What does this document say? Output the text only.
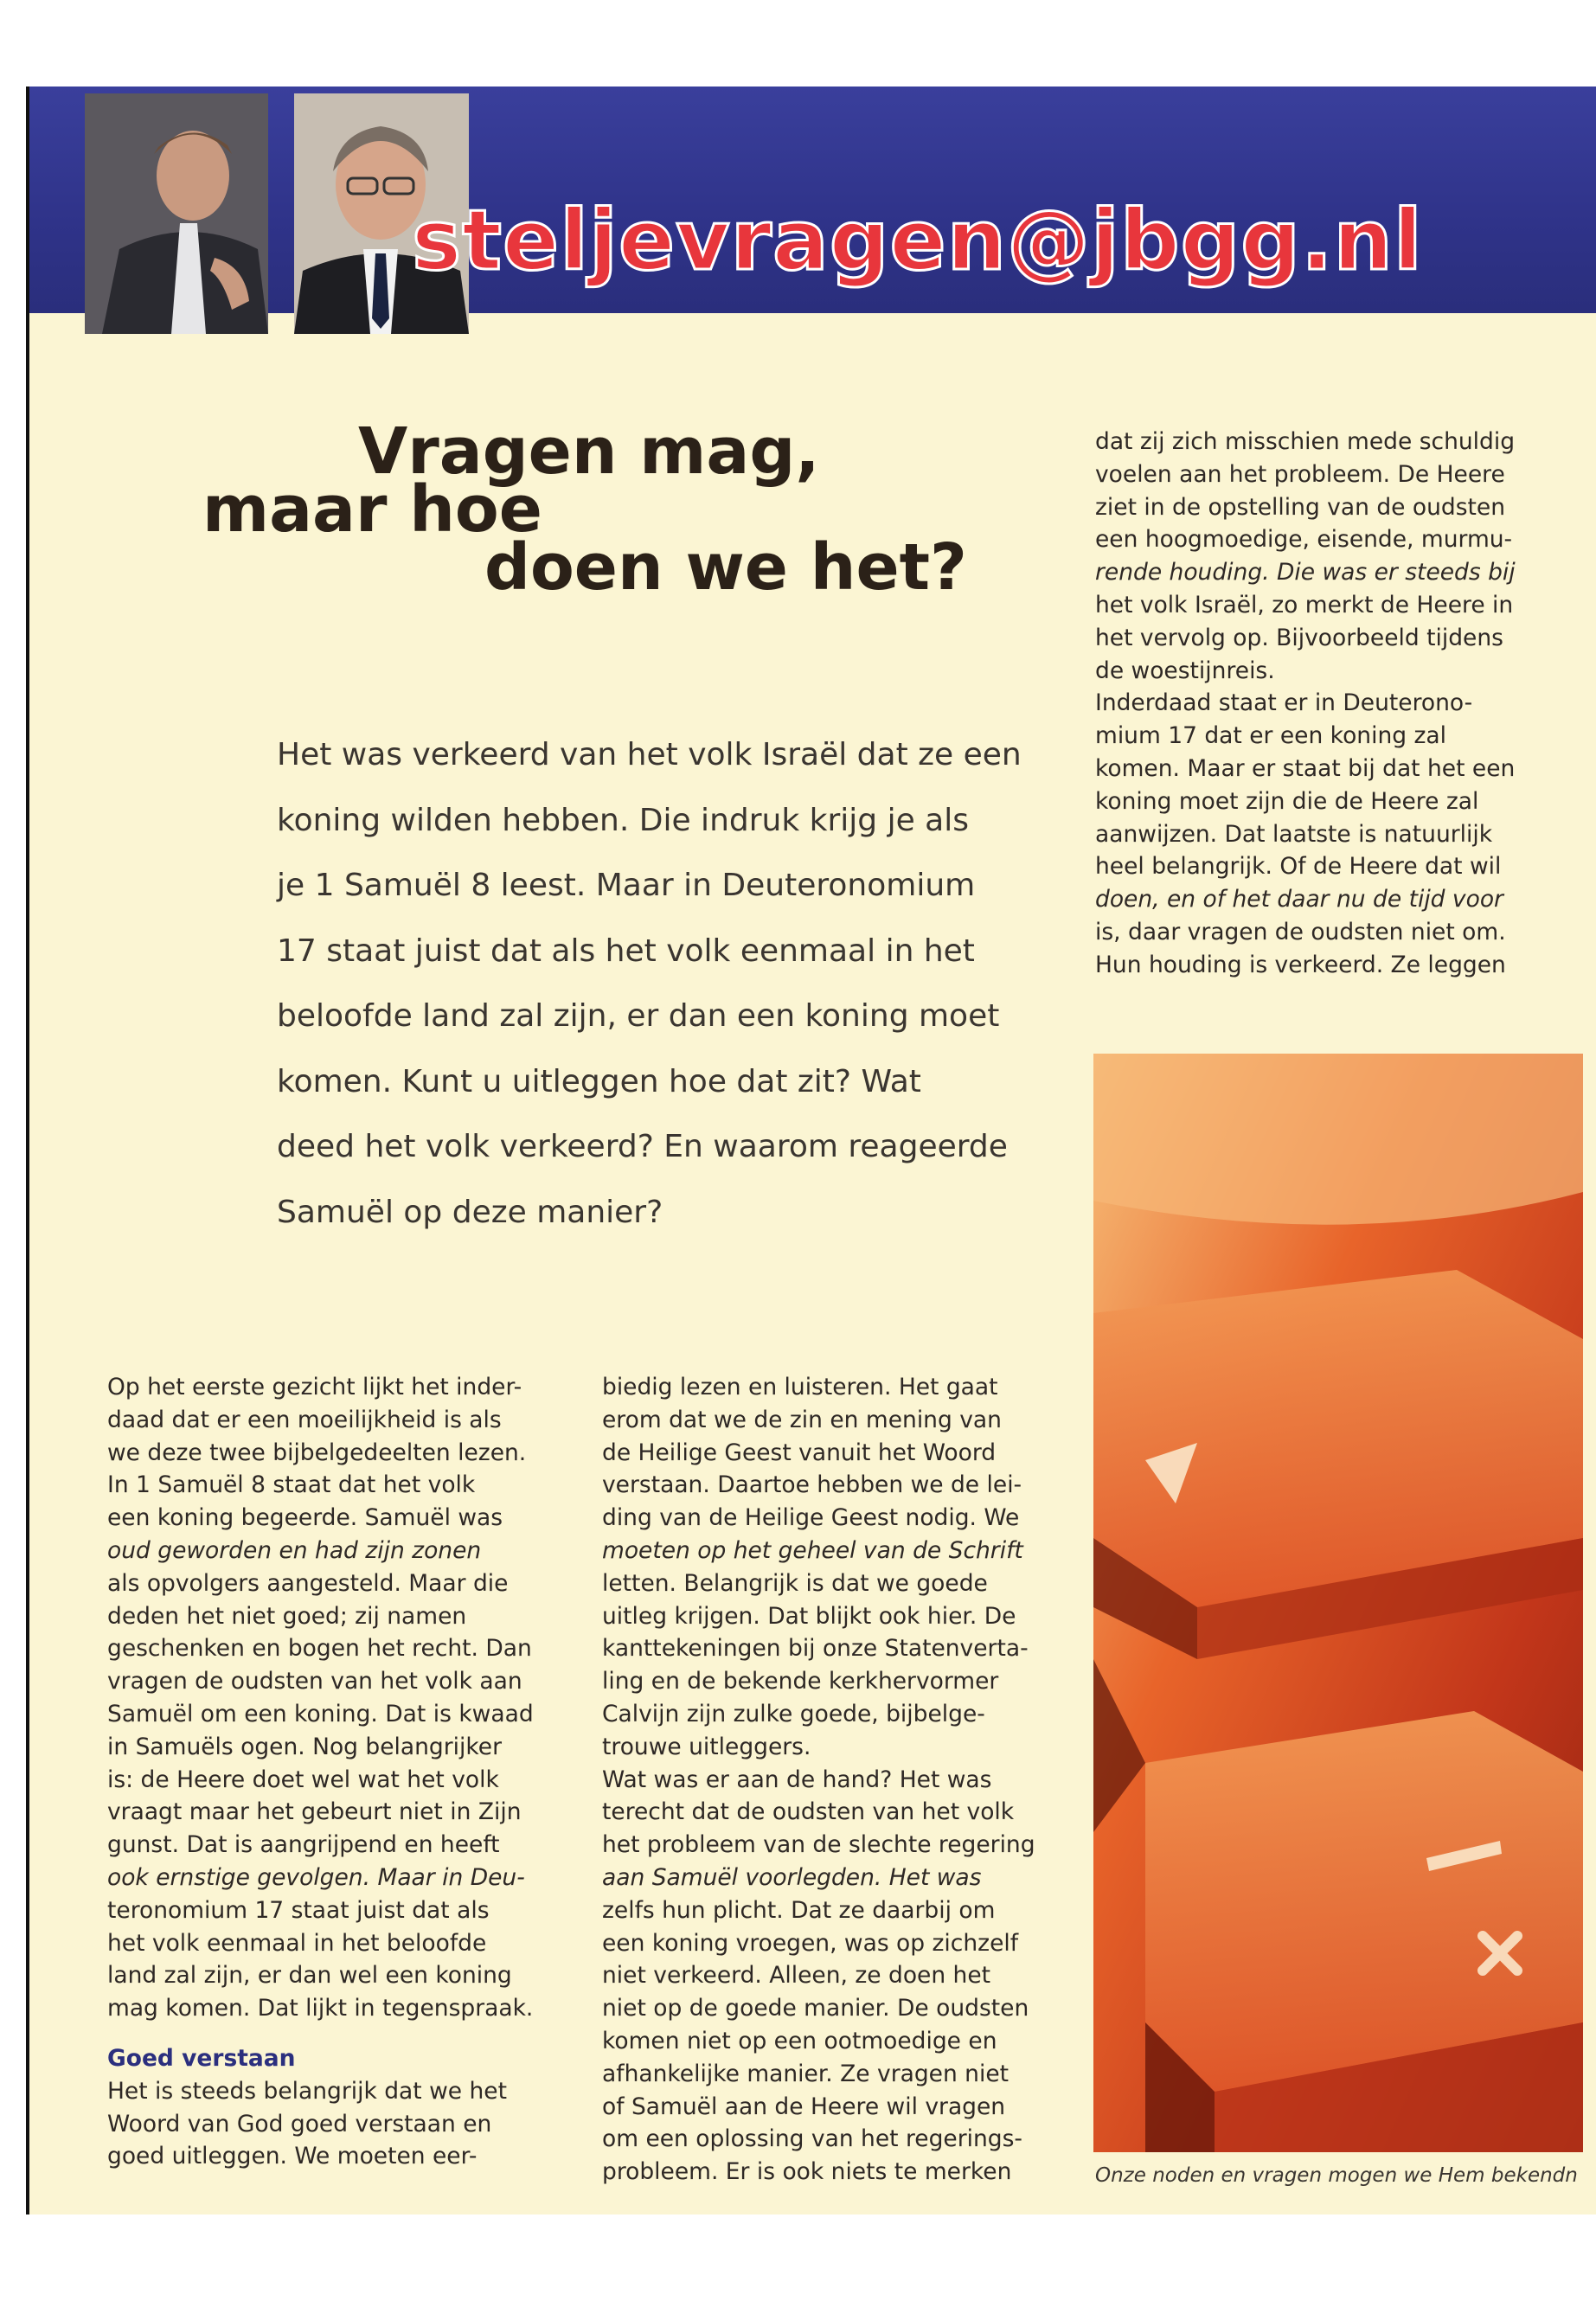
steljevragen@jbgg.nl
Vragen mag,
maar hoe
doen we het?
Het was verkeerd van het volk Israël dat ze een
koning wilden hebben. Die indruk krijg je als
je 1 Samuël 8 leest. Maar in Deuteronomium
17 staat juist dat als het volk eenmaal in het
beloofde land zal zijn, er dan een koning moet
komen. Kunt u uitleggen hoe dat zit? Wat
deed het volk verkeerd? En waarom reageerde
Samuël op deze manier?
Op het eerste gezicht lijkt het inder-
daad dat er een moeilijkheid is als
we deze twee bijbelgedeelten lezen.
In 1 Samuël 8 staat dat het volk
een koning begeerde. Samuël was
oud geworden en had zijn zonen
als opvolgers aangesteld. Maar die
deden het niet goed; zij namen
geschenken en bogen het recht. Dan
vragen de oudsten van het volk aan
Samuël om een koning. Dat is kwaad
in Samuëls ogen. Nog belangrijker
is: de Heere doet wel wat het volk
vraagt maar het gebeurt niet in Zijn
gunst. Dat is aangrijpend en heeft
ook ernstige gevolgen. Maar in Deu-
teronomium 17 staat juist dat als
het volk eenmaal in het beloofde
land zal zijn, er dan wel een koning
mag komen. Dat lijkt in tegenspraak.
Goed verstaan
Het is steeds belangrijk dat we het
Woord van God goed verstaan en
goed uitleggen. We moeten eer-
biedig lezen en luisteren. Het gaat
erom dat we de zin en mening van
de Heilige Geest vanuit het Woord
verstaan. Daartoe hebben we de lei-
ding van de Heilige Geest nodig. We
moeten op het geheel van de Schrift
letten. Belangrijk is dat we goede
uitleg krijgen. Dat blijkt ook hier. De
kanttekeningen bij onze Statenverta-
ling en de bekende kerkhervormer
Calvijn zijn zulke goede, bijbelge-
trouwe uitleggers.
Wat was er aan de hand? Het was
terecht dat de oudsten van het volk
het probleem van de slechte regering
aan Samuël voorlegden. Het was
zelfs hun plicht. Dat ze daarbij om
een koning vroegen, was op zichzelf
niet verkeerd. Alleen, ze doen het
niet op de goede manier. De oudsten
komen niet op een ootmoedige en
afhankelijke manier. Ze vragen niet
of Samuël aan de Heere wil vragen
om een oplossing van het regerings-
probleem. Er is ook niets te merken
dat zij zich misschien mede schuldig
voelen aan het probleem. De Heere
ziet in de opstelling van de oudsten
een hoogmoedige, eisende, murmu-
rende houding. Die was er steeds bij
het volk Israël, zo merkt de Heere in
het vervolg op. Bijvoorbeeld tijdens
de woestijnreis.
Inderdaad staat er in Deuterono-
mium 17 dat er een koning zal
komen. Maar er staat bij dat het een
koning moet zijn die de Heere zal
aanwijzen. Dat laatste is natuurlijk
heel belangrijk. Of de Heere dat wil
doen, en of het daar nu de tijd voor
is, daar vragen de oudsten niet om.
Hun houding is verkeerd. Ze leggen
Onze noden en vragen mogen we Hem bekendn
